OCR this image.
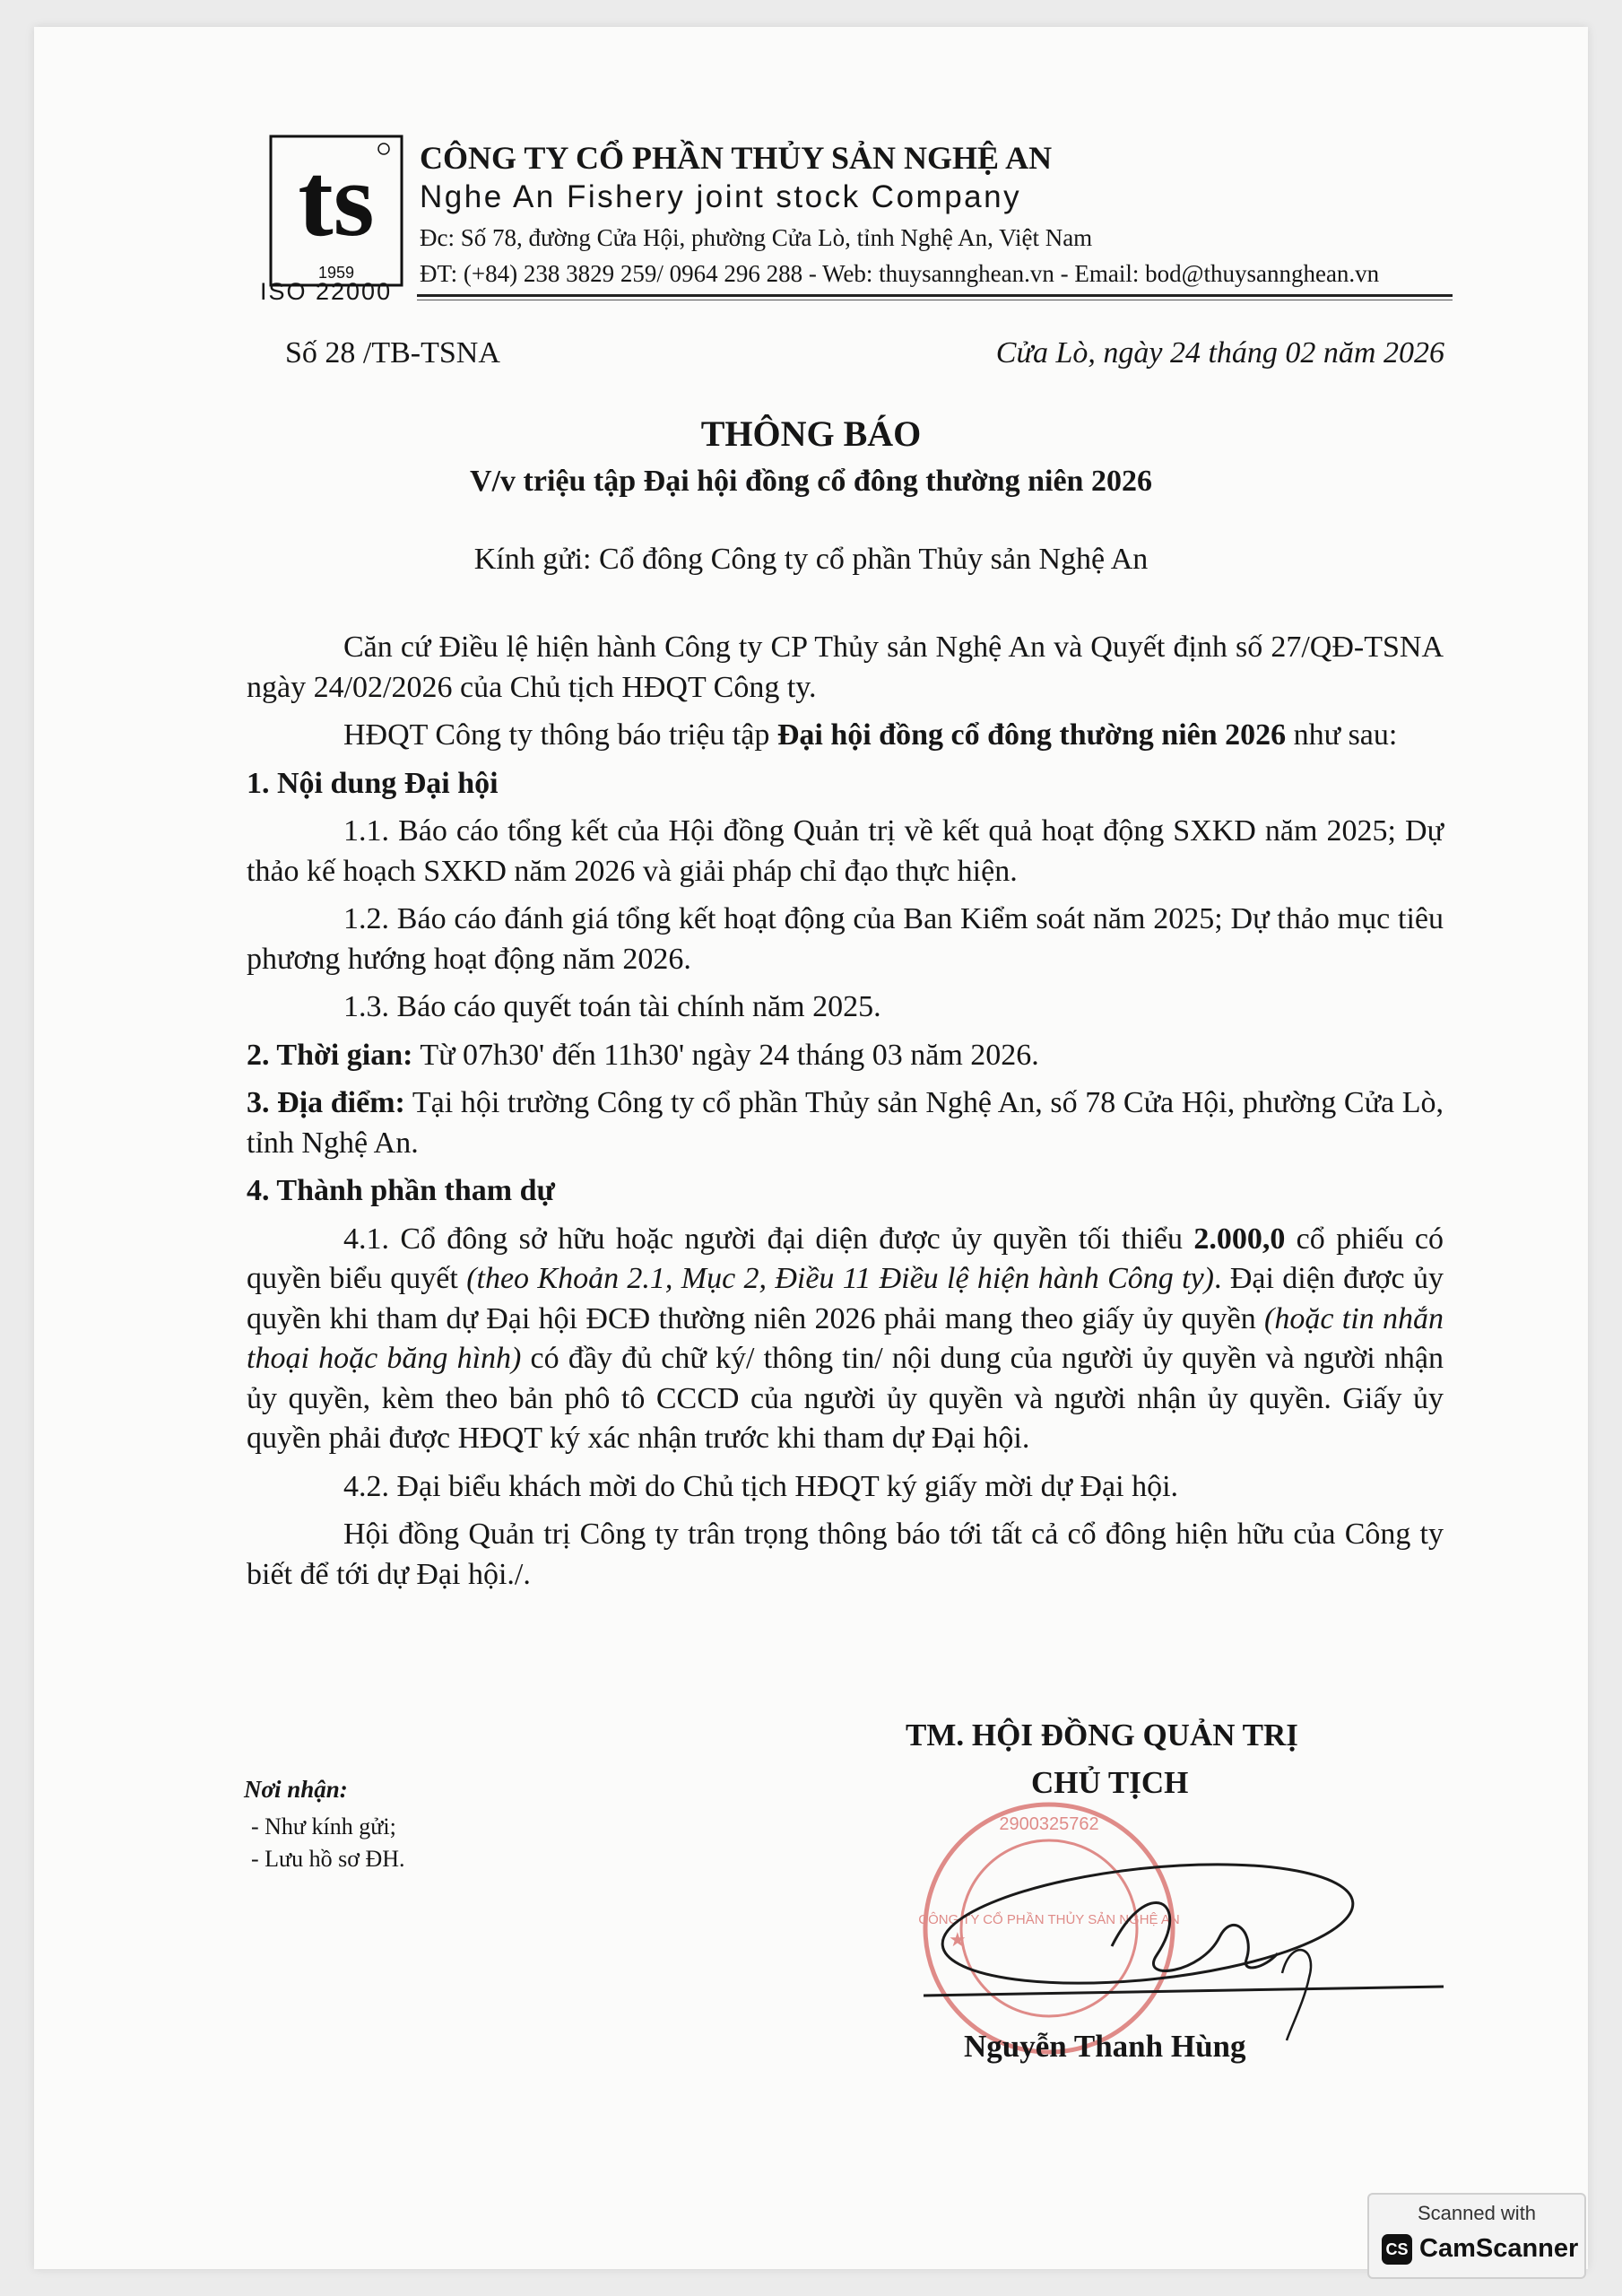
ts
1959
ISO 22000
CÔNG TY CỔ PHẦN THỦY SẢN NGHỆ AN
Nghe An Fishery joint stock Company
Đc: Số 78, đường Cửa Hội, phường Cửa Lò, tỉnh Nghệ An, Việt Nam
ĐT: (+84) 238 3829 259/ 0964 296 288 - Web: thuysannghean.vn - Email: bod@thuysannghean.vn
Số 28 /TB-TSNA	Cửa Lò, ngày 24 tháng 02 năm 2026
THÔNG BÁO
V/v triệu tập Đại hội đồng cổ đông thường niên 2026
Kính gửi: Cổ đông Công ty cổ phần Thủy sản Nghệ An

Căn cứ Điều lệ hiện hành Công ty CP Thủy sản Nghệ An và Quyết định số 27/QĐ-TSNA ngày 24/02/2026 của Chủ tịch HĐQT Công ty.

HĐQT Công ty thông báo triệu tập Đại hội đồng cổ đông thường niên 2026 như sau:

1. Nội dung Đại hội

1.1. Báo cáo tổng kết của Hội đồng Quản trị về kết quả hoạt động SXKD năm 2025; Dự thảo kế hoạch SXKD năm 2026 và giải pháp chỉ đạo thực hiện.

1.2. Báo cáo đánh giá tổng kết hoạt động của Ban Kiểm soát năm 2025; Dự thảo mục tiêu phương hướng hoạt động năm 2026.

1.3. Báo cáo quyết toán tài chính năm 2025.

2. Thời gian: Từ 07h30' đến 11h30' ngày 24 tháng 03 năm 2026.

3. Địa điểm: Tại hội trường Công ty cổ phần Thủy sản Nghệ An, số 78 Cửa Hội, phường Cửa Lò, tỉnh Nghệ An.

4. Thành phần tham dự

4.1. Cổ đông sở hữu hoặc người đại diện được ủy quyền tối thiểu 2.000,0 cổ phiếu có quyền biểu quyết (theo Khoản 2.1, Mục 2, Điều 11 Điều lệ hiện hành Công ty). Đại diện được ủy quyền khi tham dự Đại hội ĐCĐ thường niên 2026 phải mang theo giấy ủy quyền (hoặc tin nhắn thoại hoặc băng hình) có đầy đủ chữ ký/ thông tin/ nội dung của người ủy quyền và người nhận ủy quyền, kèm theo bản phô tô CCCD của người ủy quyền và người nhận ủy quyền. Giấy ủy quyền phải được HĐQT ký xác nhận trước khi tham dự Đại hội.

4.2. Đại biểu khách mời do Chủ tịch HĐQT ký giấy mời dự Đại hội.

Hội đồng Quản trị Công ty trân trọng thông báo tới tất cả cổ đông hiện hữu của Công ty biết để tới dự Đại hội./.

Nơi nhận:
- Như kính gửi;
- Lưu hồ sơ ĐH.
TM. HỘI ĐỒNG QUẢN TRỊ
CHỦ TỊCH
2900325762
CÔNG TY CỔ PHẦN THỦY SẢN NGHỆ AN
★
Nguyễn Thanh Hùng
Scanned with
CS CamScanner
